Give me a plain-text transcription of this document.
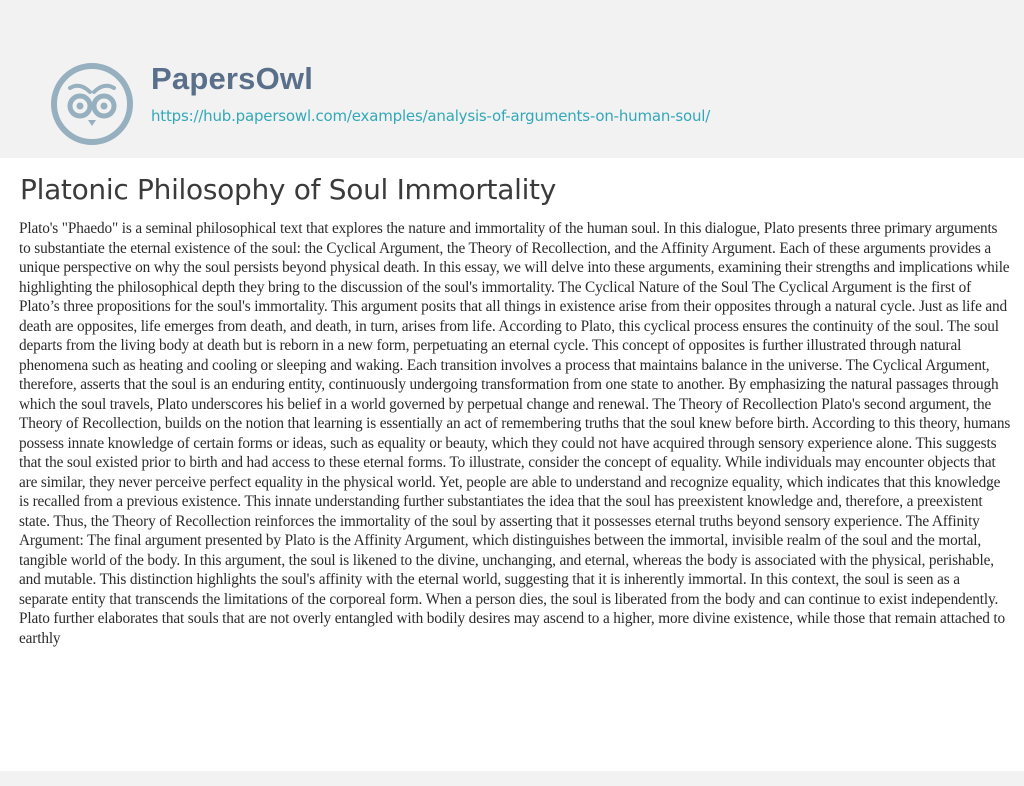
PapersOwl
https://hub.papersowl.com/examples/analysis-of-arguments-on-human-soul/
Platonic Philosophy of Soul Immortality

Plato's "Phaedo" is a seminal philosophical text that explores the nature and immortality of the human soul. In this dialogue, Plato presents three primary arguments to substantiate the eternal existence of the soul: the Cyclical Argument, the Theory of Recollection, and the Affinity Argument. Each of these arguments provides a unique perspective on why the soul persists beyond physical death. In this essay, we will delve into these arguments, examining their strengths and implications while highlighting the philosophical depth they bring to the discussion of the soul's immortality. The Cyclical Nature of the Soul The Cyclical Argument is the first of Plato’s three propositions for the soul's immortality. This argument posits that all things in existence arise from their opposites through a natural cycle. Just as life and death are opposites, life emerges from death, and death, in turn, arises from life. According to Plato, this cyclical process ensures the continuity of the soul. The soul departs from the living body at death but is reborn in a new form, perpetuating an eternal cycle. This concept of opposites is further illustrated through natural phenomena such as heating and cooling or sleeping and waking. Each transition involves a process that maintains balance in the universe. The Cyclical Argument, therefore, asserts that the soul is an enduring entity, continuously undergoing transformation from one state to another. By emphasizing the natural passages through which the soul travels, Plato underscores his belief in a world governed by perpetual change and renewal. The Theory of Recollection Plato's second argument, the Theory of Recollection, builds on the notion that learning is essentially an act of remembering truths that the soul knew before birth. According to this theory, humans possess innate knowledge of certain forms or ideas, such as equality or beauty, which they could not have acquired through sensory experience alone. This suggests that the soul existed prior to birth and had access to these eternal forms. To illustrate, consider the concept of equality. While individuals may encounter objects that are similar, they never perceive perfect equality in the physical world. Yet, people are able to understand and recognize equality, which indicates that this knowledge is recalled from a previous existence. This innate understanding further substantiates the idea that the soul has preexistent knowledge and, therefore, a preexistent state. Thus, the Theory of Recollection reinforces the immortality of the soul by asserting that it possesses eternal truths beyond sensory experience. The Affinity Argument: The final argument presented by Plato is the Affinity Argument, which distinguishes between the immortal, invisible realm of the soul and the mortal, tangible world of the body. In this argument, the soul is likened to the divine, unchanging, and eternal, whereas the body is associated with the physical, perishable, and mutable. This distinction highlights the soul's affinity with the eternal world, suggesting that it is inherently immortal. In this context, the soul is seen as a separate entity that transcends the limitations of the corporeal form. When a person dies, the soul is liberated from the body and can continue to exist independently. Plato further elaborates that souls that are not overly entangled with bodily desires may ascend to a higher, more divine existence, while those that remain attached to earthly
